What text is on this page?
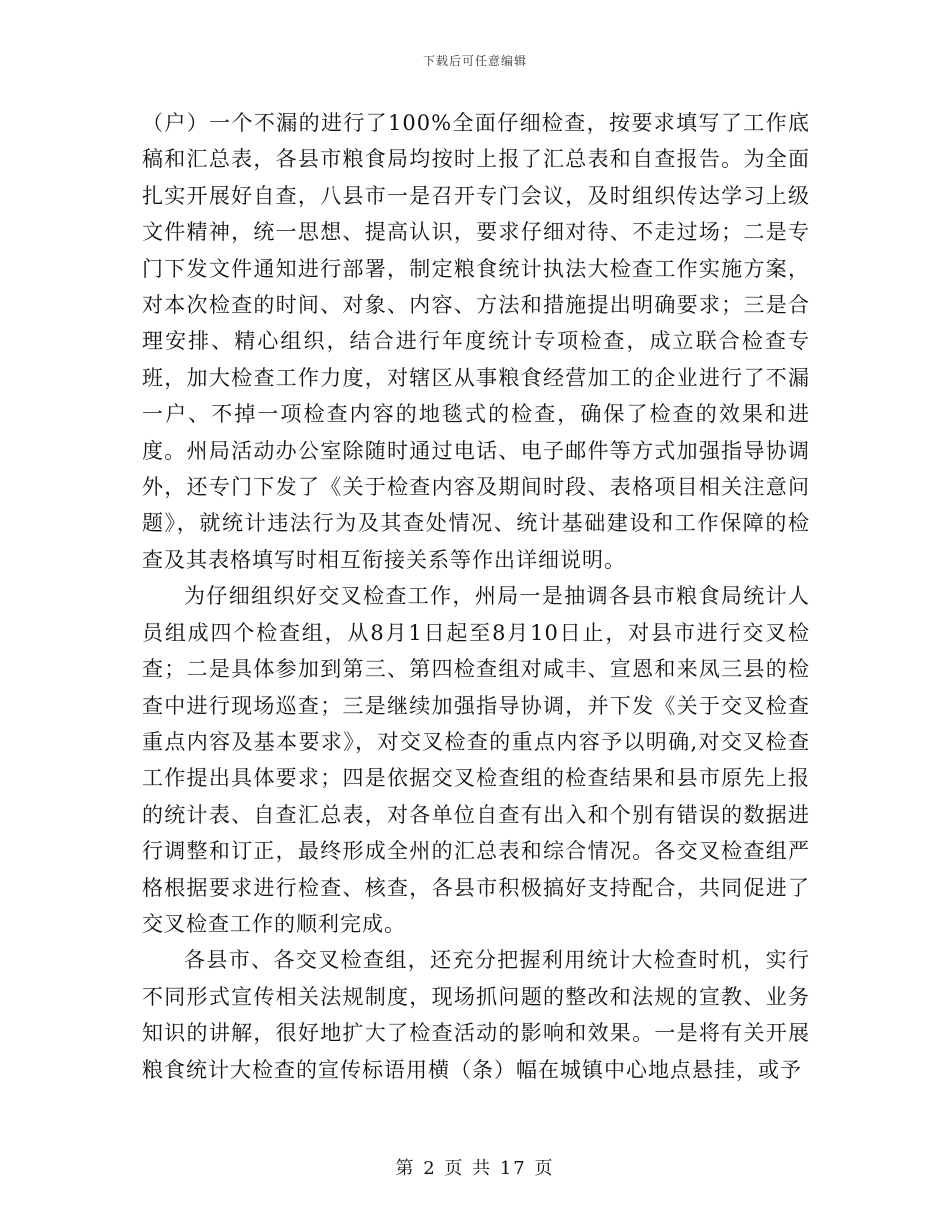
下载后可任意编辑

（户）一个不漏的进行了100%全面仔细检查，按要求填写了工作底稿和汇总表，各县市粮食局均按时上报了汇总表和自查报告。为全面扎实开展好自查，八县市一是召开专门会议，及时组织传达学习上级文件精神，统一思想、提高认识，要求仔细对待、不走过场；二是专门下发文件通知进行部署，制定粮食统计执法大检查工作实施方案，对本次检查的时间、对象、内容、方法和措施提出明确要求；三是合理安排、精心组织，结合进行年度统计专项检查，成立联合检查专班，加大检查工作力度，对辖区从事粮食经营加工的企业进行了不漏一户、不掉一项检查内容的地毯式的检查，确保了检查的效果和进度。州局活动办公室除随时通过电话、电子邮件等方式加强指导协调外，还专门下发了《关于检查内容及期间时段、表格项目相关注意问题》，就统计违法行为及其查处情况、统计基础建设和工作保障的检查及其表格填写时相互衔接关系等作出详细说明。

为仔细组织好交叉检查工作，州局一是抽调各县市粮食局统计人员组成四个检查组，从8月1日起至8月10日止，对县市进行交叉检查；二是具体参加到第三、第四检查组对咸丰、宣恩和来凤三县的检查中进行现场巡查；三是继续加强指导协调，并下发《关于交叉检查重点内容及基本要求》，对交叉检查的重点内容予以明确,对交叉检查工作提出具体要求；四是依据交叉检查组的检查结果和县市原先上报的统计表、自查汇总表，对各单位自查有出入和个别有错误的数据进行调整和订正，最终形成全州的汇总表和综合情况。各交叉检查组严格根据要求进行检查、核查，各县市积极搞好支持配合，共同促进了交叉检查工作的顺利完成。

各县市、各交叉检查组，还充分把握利用统计大检查时机，实行不同形式宣传相关法规制度，现场抓问题的整改和法规的宣教、业务知识的讲解，很好地扩大了检查活动的影响和效果。一是将有关开展粮食统计大检查的宣传标语用横（条）幅在城镇中心地点悬挂，或予

第 2 页 共 17 页
